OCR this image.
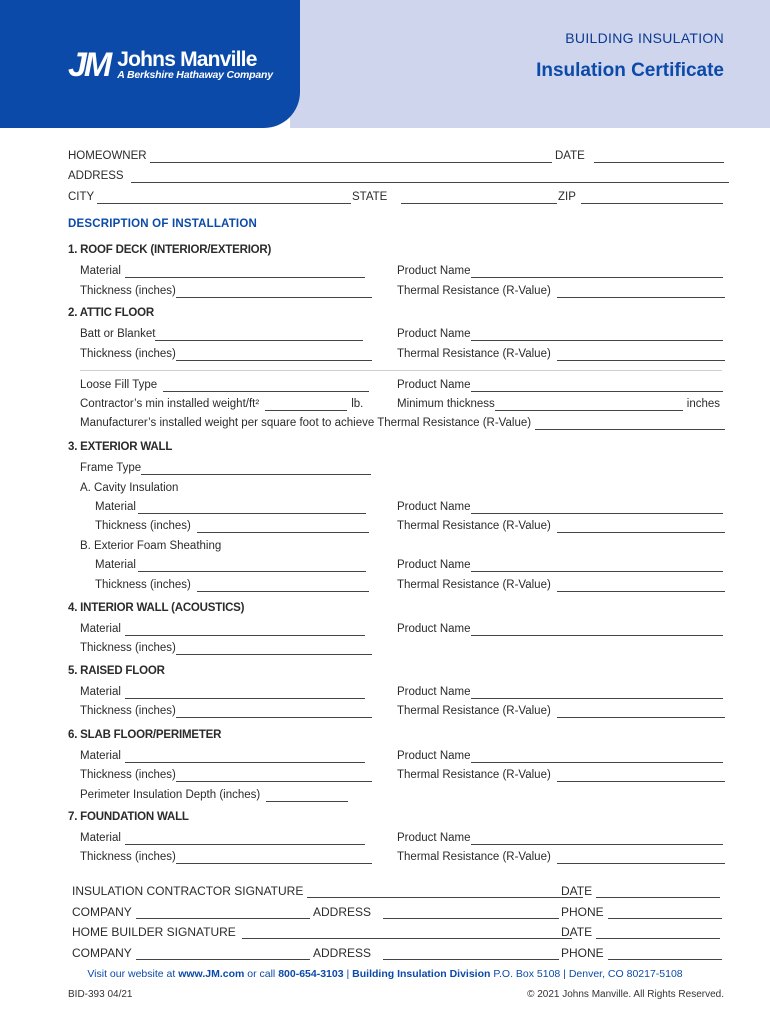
JM Johns Manville
A Berkshire Hathaway Company
BUILDING INSULATION
Insulation Certificate
HOMEOWNER	DATE
ADDRESS
CITY	STATE	ZIP
DESCRIPTION OF INSTALLATION
1. ROOF DECK (INTERIOR/EXTERIOR)
Material	Product Name
Thickness (inches)	Thermal Resistance (R-Value)
2. ATTIC FLOOR
Batt or Blanket	Product Name
Thickness (inches)	Thermal Resistance (R-Value)
Loose Fill Type	Product Name
Contractor’s min installed weight/ft²	lb.	Minimum thickness	inches
Manufacturer’s installed weight per square foot to achieve Thermal Resistance (R-Value)
3. EXTERIOR WALL
Frame Type
A. Cavity Insulation
Material	Product Name
Thickness (inches)	Thermal Resistance (R-Value)
B. Exterior Foam Sheathing
Material	Product Name
Thickness (inches)	Thermal Resistance (R-Value)
4. INTERIOR WALL (ACOUSTICS)
Material	Product Name
Thickness (inches)
5. RAISED FLOOR
Material	Product Name
Thickness (inches)	Thermal Resistance (R-Value)
6. SLAB FLOOR/PERIMETER
Material	Product Name
Thickness (inches)	Thermal Resistance (R-Value)
Perimeter Insulation Depth (inches)
7. FOUNDATION WALL
Material	Product Name
Thickness (inches)	Thermal Resistance (R-Value)
INSULATION CONTRACTOR SIGNATURE	DATE
COMPANY	ADDRESS	PHONE
HOME BUILDER SIGNATURE	DATE
COMPANY	ADDRESS	PHONE
Visit our website at www.JM.com or call 800-654-3103 | Building Insulation Division P.O. Box 5108 | Denver, CO 80217-5108
BID-393 04/21	© 2021 Johns Manville. All Rights Reserved.
